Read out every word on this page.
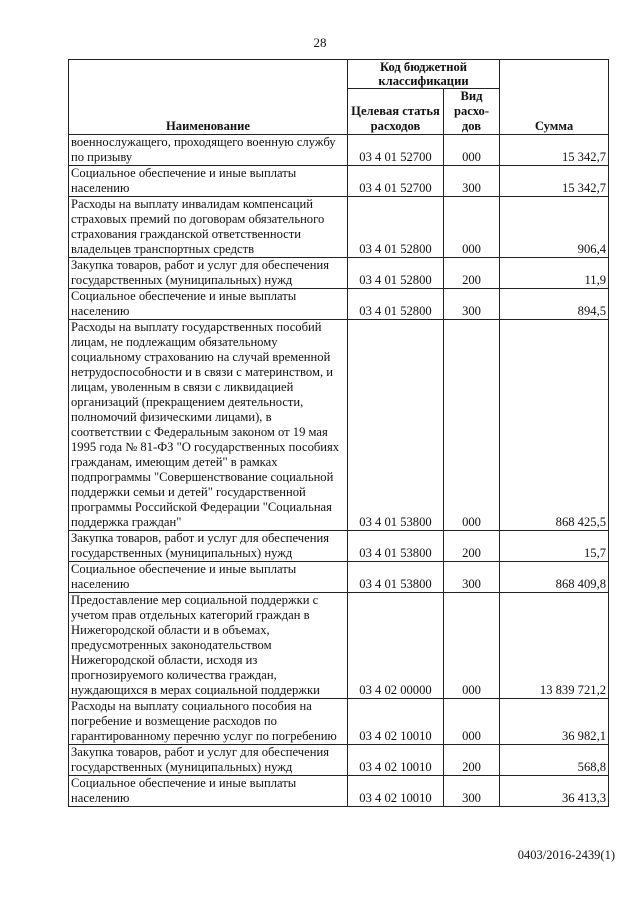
28
Наименование	Код бюджетной классификации		Сумма
	Целевая статья расходов	Вид расхо-дов	
военнослужащего, проходящего военную службу по призыву	03 4 01 52700	000	15 342,7
Социальное обеспечение и иные выплаты населению	03 4 01 52700	300	15 342,7
Расходы на выплату инвалидам компенсаций страховых премий по договорам обязательного страхования гражданской ответственности владельцев транспортных средств	03 4 01 52800	000	906,4
Закупка товаров, работ и услуг для обеспечения государственных (муниципальных) нужд	03 4 01 52800	200	11,9
Социальное обеспечение и иные выплаты населению	03 4 01 52800	300	894,5
Расходы на выплату государственных пособий лицам, не подлежащим обязательному социальному страхованию на случай временной нетрудоспособности и в связи с материнством, и лицам, уволенным в связи с ликвидацией организаций (прекращением деятельности, полномочий физическими лицами), в соответствии с Федеральным законом от 19 мая 1995 года № 81-ФЗ "О государственных пособиях гражданам, имеющим детей" в рамках подпрограммы "Совершенствование социальной поддержки семьи и детей" государственной программы Российской Федерации "Социальная поддержка граждан"	03 4 01 53800	000	868 425,5
Закупка товаров, работ и услуг для обеспечения государственных (муниципальных) нужд	03 4 01 53800	200	15,7
Социальное обеспечение и иные выплаты населению	03 4 01 53800	300	868 409,8
Предоставление мер социальной поддержки с учетом прав отдельных категорий граждан в Нижегородской области и в объемах, предусмотренных законодательством Нижегородской области, исходя из прогнозируемого количества граждан, нуждающихся в мерах социальной поддержки	03 4 02 00000	000	13 839 721,2
Расходы на выплату социального пособия на погребение и возмещение расходов по гарантированному перечню услуг по погребению	03 4 02 10010	000	36 982,1
Закупка товаров, работ и услуг для обеспечения государственных (муниципальных) нужд	03 4 02 10010	200	568,8
Социальное обеспечение и иные выплаты населению	03 4 02 10010	300	36 413,3
0403/2016-2439(1)
